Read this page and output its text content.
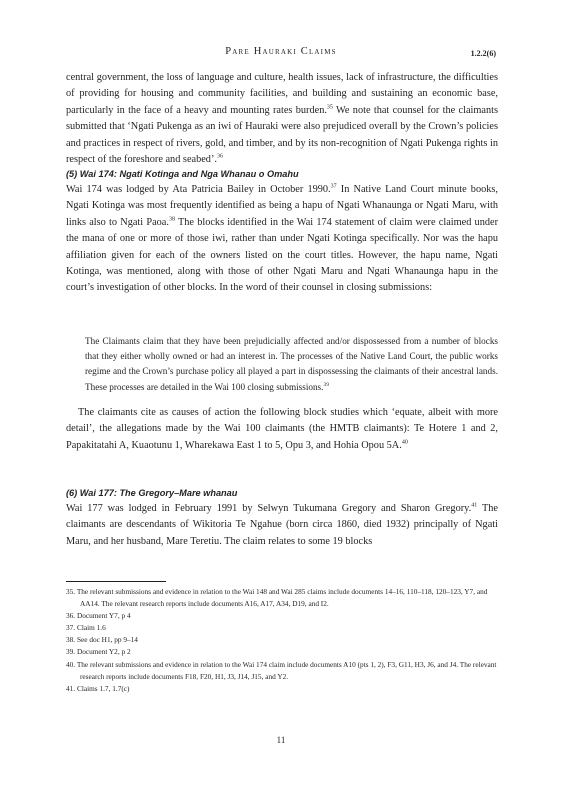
Pare Hauraki Claims	1.2.2(6)

central government, the loss of language and culture, health issues, lack of infrastructure, the difficulties of providing for housing and community facilities, and building and sustaining an economic base, particularly in the face of a heavy and mounting rates burden.$^{35}$ We note that counsel for the claimants submitted that ‘Ngati Pukenga as an iwi of Hauraki were also prejudiced overall by the Crown’s policies and practices in respect of rivers, gold, and timber, and by its non-recognition of Ngati Pukenga rights in respect of the foreshore and seabed’.$^{36}$

(5) Wai 174: Ngati Kotinga and Nga Whanau o Omahu

Wai 174 was lodged by Ata Patricia Bailey in October 1990.37 In Native Land Court minute books, Ngati Kotinga was most frequently identified as being a hapu of Ngati Whanaunga or Ngati Maru, with links also to Ngati Paoa.$^{38}$ The blocks identified in the Wai 174 statement of claim were claimed under the mana of one or more of those iwi, rather than under Ngati Kotinga specifically. Nor was the hapu affiliation given for each of the owners listed on the court titles. However, the hapu name, Ngati Kotinga, was mentioned, along with those of other Ngati Maru and Ngati Whanaunga hapu in the court’s investigation of other blocks. In the word of their counsel in closing submissions:

The Claimants claim that they have been prejudicially affected and/or dispossessed from a number of blocks that they either wholly owned or had an interest in. The processes of the Native Land Court, the public works regime and the Crown’s purchase policy all played a part in dispossessing the claimants of their ancestral lands. These processes are detailed in the Wai 100 closing submissions.$^{39}$

The claimants cite as causes of action the following block studies which ‘equate, albeit with more detail’, the allegations made by the Wai 100 claimants (the HMTB claimants): Te Hotere 1 and 2, Papakitatahi A, Kuaotunu 1, Wharekawa East 1 to 5, Opu 3, and Hohia Opou 5A.$^{40}$

(6) Wai 177: The Gregory–Mare whanau

Wai 177 was lodged in February 1991 by Selwyn Tukumana Gregory and Sharon Gregory.$^{41}$ The claimants are descendants of Wikitoria Te Ngahue (born circa 1860, died 1932) principally of Ngati Maru, and her husband, Mare Teretiu. The claim relates to some 19 blocks

35. The relevant submissions and evidence in relation to the Wai 148 and Wai 285 claims include documents 14–16, 110–118, 120–123, Y7, and AA14. The relevant research reports include documents A16, A17, A34, D19, and I2.
36. Document Y7, p 4
37. Claim 1.6
38. See doc H1, pp 9–14
39. Document Y2, p 2
40. The relevant submissions and evidence in relation to the Wai 174 claim include documents A10 (pts 1, 2), F3, G11, H3, J6, and J4. The relevant research reports include documents F18, F20, H1, J3, J14, J15, and Y2.
41. Claims 1.7, 1.7(c)
11
